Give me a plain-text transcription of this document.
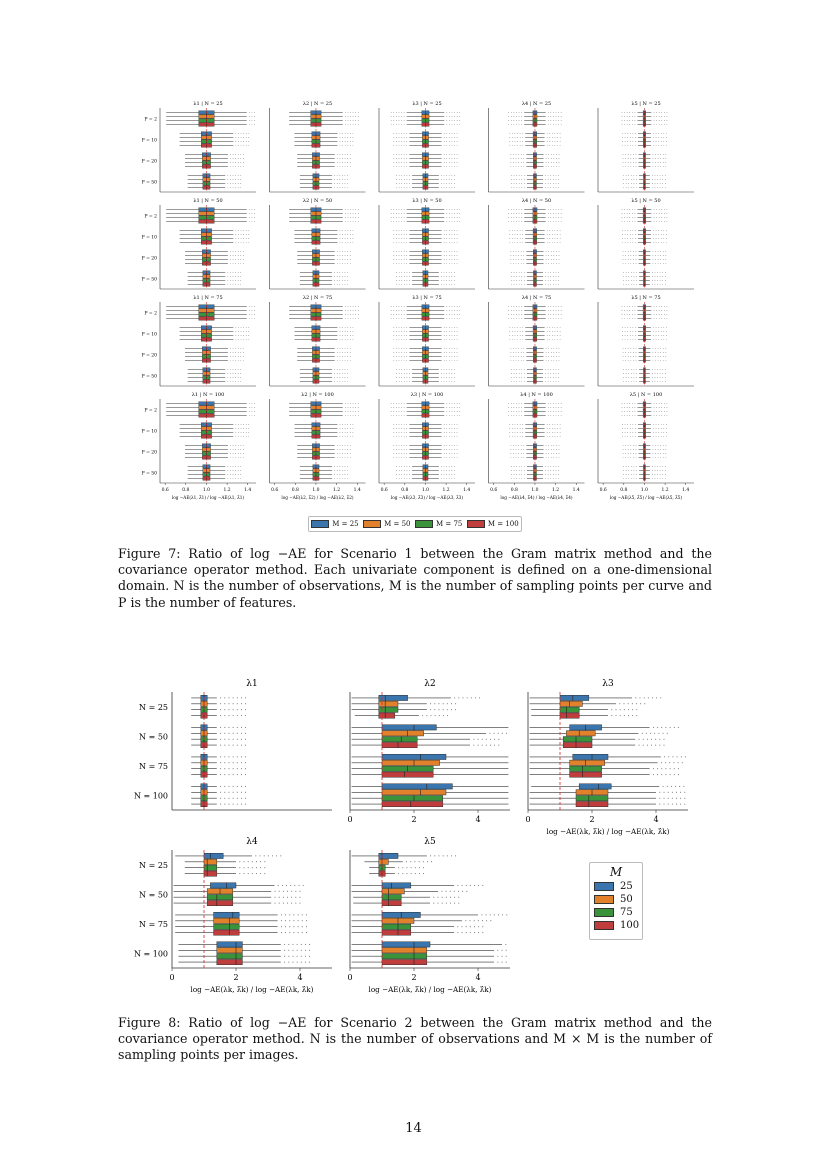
λ1 | N = 25
P = 2
P = 10
P = 20
P = 50
λ2 | N = 25	λ3 | N = 25	λ4 | N = 25	λ5 | N = 25
λ1 | N = 50
P = 2
P = 10
P = 20
P = 50
λ2 | N = 50	λ3 | N = 50	λ4 | N = 50	λ5 | N = 50
λ1 | N = 75
P = 2
P = 10
P = 20
P = 50
λ2 | N = 75	λ3 | N = 75	λ4 | N = 75	λ5 | N = 75
λ1 | N = 100
P = 2
P = 10
P = 20
P = 50
0.6	0.8	1.0	1.2	1.4
log −AE(λ1, λ̃1) / log −AE(λ1, λ̂1)
λ2 | N = 100
0.6	0.8	1.0	1.2	1.4
log −AE(λ2, λ̃2) / log −AE(λ2, λ̂2)
λ3 | N = 100
0.6	0.8	1.0	1.2	1.4
log −AE(λ3, λ̃3) / log −AE(λ3, λ̂3)
λ4 | N = 100
0.6	0.8	1.0	1.2	1.4
log −AE(λ4, λ̃4) / log −AE(λ4, λ̂4)
λ5 | N = 100
0.6	0.8	1.0	1.2	1.4
log −AE(λ5, λ̃5) / log −AE(λ5, λ̂5)
M = 25	M = 50	M = 75	M = 100
Figure 7: Ratio of log −AE for Scenario 1 between the Gram matrix method and the covariance operator method. Each univariate component is defined on a one-dimensional domain. N is the number of observations, M is the number of sampling points per curve and P is the number of features.
λ1
N = 25
N = 50
N = 75
N = 100
λ2
0	2	4
λ3
0	2	4
log −AE(λk, λ̃k) / log −AE(λk, λ̂k)
λ4
N = 25
N = 50
N = 75
N = 100
0	2	4
log −AE(λk, λ̃k) / log −AE(λk, λ̂k)
λ5
0	2	4
log −AE(λk, λ̃k) / log −AE(λk, λ̂k)
M
25
50
75
100
Figure 8: Ratio of log −AE for Scenario 2 between the Gram matrix method and the covariance operator method. N is the number of observations and M × M is the number of sampling points per images.
14
